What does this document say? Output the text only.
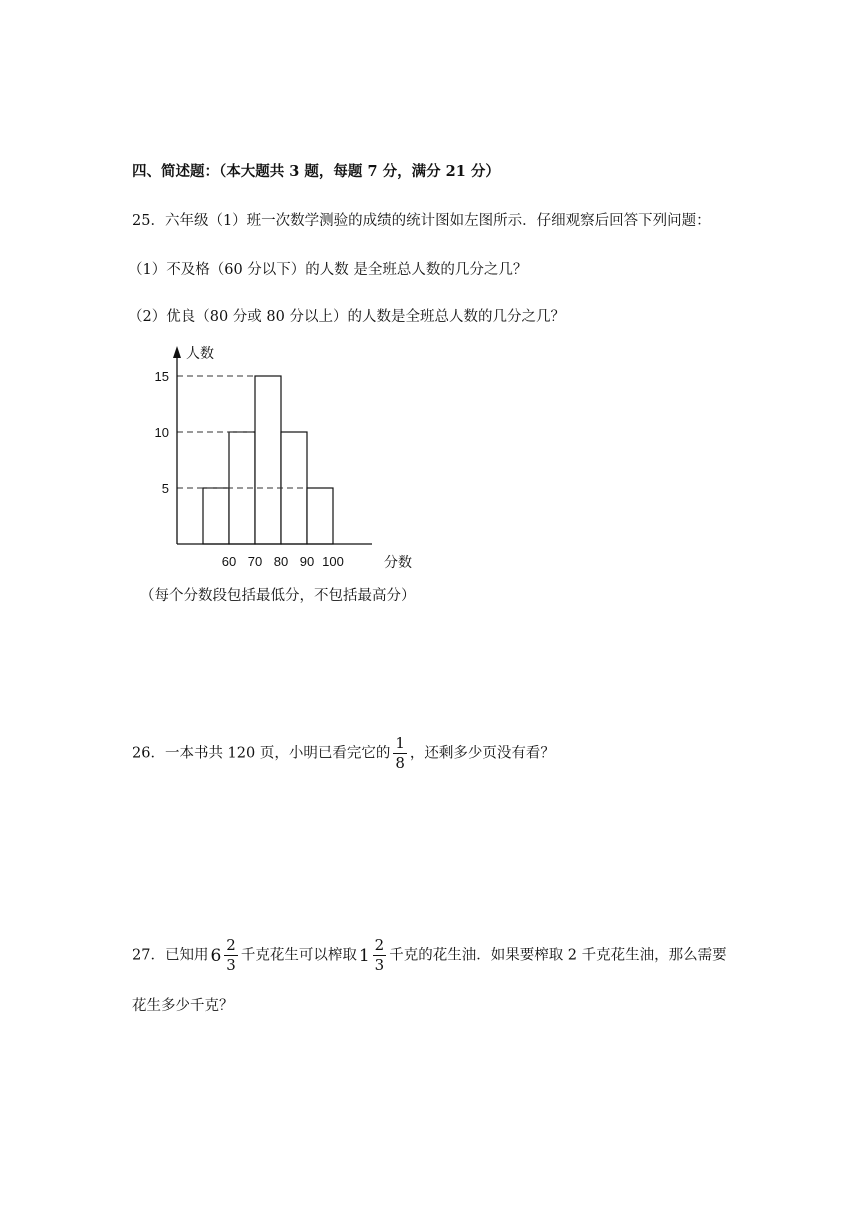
四、简述题：（本大题共 3 题，每题 7 分，满分 21 分）
25．六年级（1）班一次数学测验的成绩的统计图如左图所示．仔细观察后回答下列问题：
（1）不及格（60 分以下）的人数 是全班总人数的几分之几？
（2）优良（80 分或 80 分以上）的人数是全班总人数的几分之几？
5
10
15
60 70 80 90 100
人数
分数
（每个分数段包括最低分，不包括最高分）
26．一本书共 120 页，小明已看完它的 $\frac{1}{8}$ ，还剩多少页没有看？
27．已知用 $6 \frac{2}{3}$ 千克花生可以榨取 $1 \frac{2}{3}$ 千克的花生油．如果要榨取 2 千克花生油，那么需要
花生多少千克？
